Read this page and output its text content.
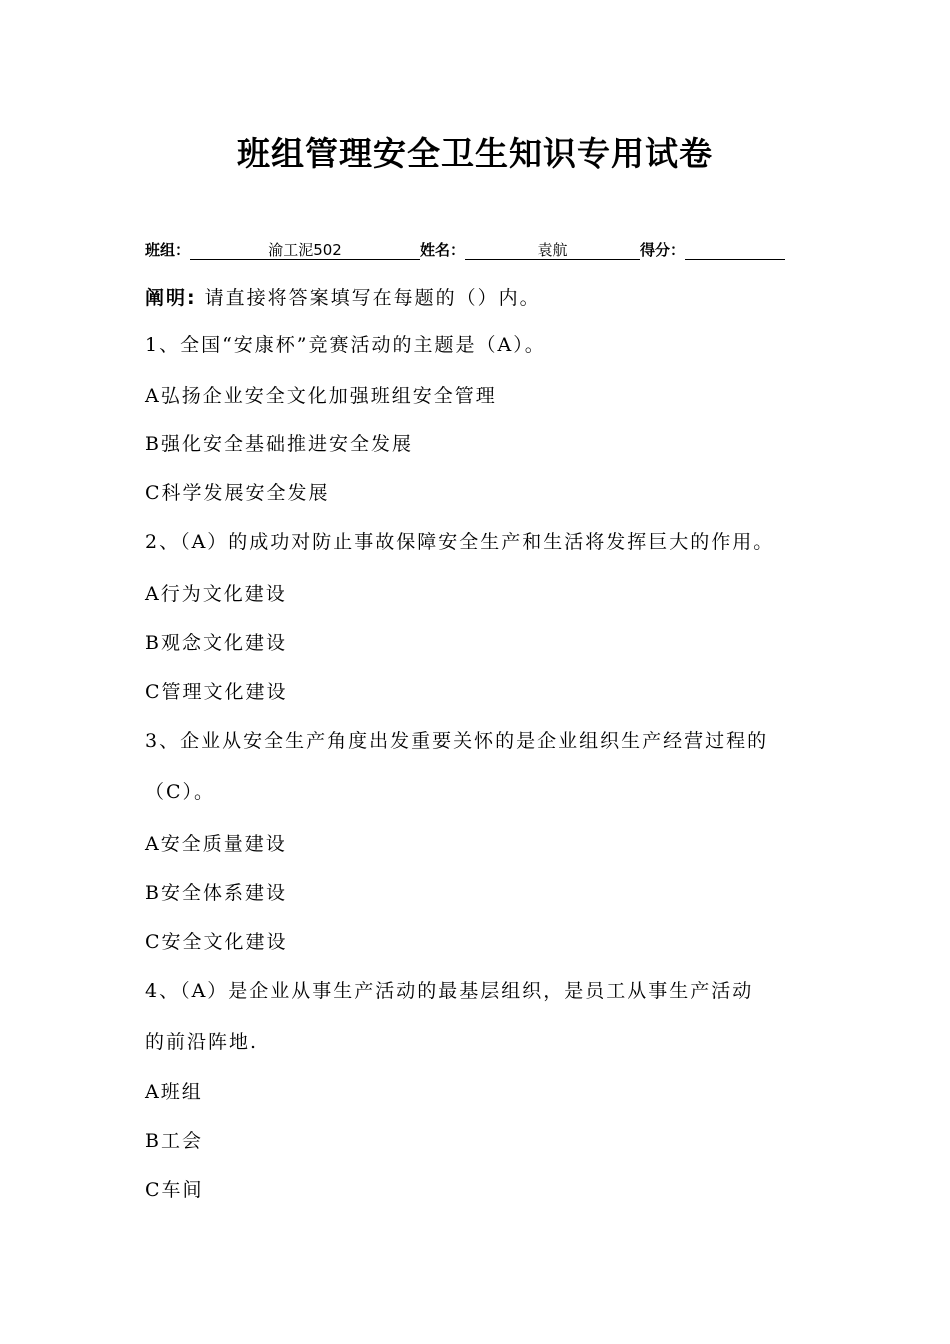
班组管理安全卫生知识专用试卷
班组：	渝工泥502	姓名：	袁航	得分：
阐明: 请直接将答案填写在每题的（）内。
1、全国“安康杯”竞赛活动的主题是（A）。
A弘扬企业安全文化加强班组安全管理
B强化安全基础推进安全发展
C科学发展安全发展
2、（A）的成功对防止事故保障安全生产和生活将发挥巨大的作用。
A行为文化建设
B观念文化建设
C管理文化建设
3、企业从安全生产角度出发重要关怀的是企业组织生产经营过程的
（C）。
A安全质量建设
B安全体系建设
C安全文化建设
4、（A）是企业从事生产活动的最基层组织，是员工从事生产活动
的前沿阵地.
A班组
B工会
C车间
